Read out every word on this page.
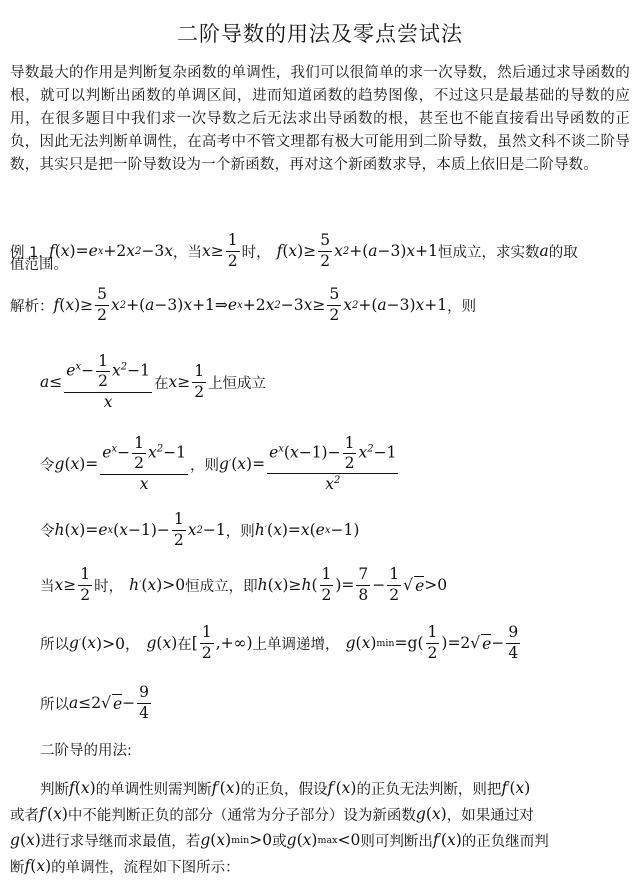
二阶导数的用法及零点尝试法
导数最大的作用是判断复杂函数的单调性，我们可以很简单的求一次导数，然后通过求导函数的根，就可以判断出函数的单调区间，进而知道函数的趋势图像，不过这只是最基础的导数的应用，在很多题目中我们求一次导数之后无法求出导函数的根，甚至也不能直接看出导函数的正负，因此无法判断单调性，在高考中不管文理都有极大可能用到二阶导数，虽然文科不谈二阶导数，其实只是把一阶导数设为一个新函数，再对这个新函数求导，本质上依旧是二阶导数。
例 1. f ( x )= e x +2 x 2 −3 x ，当 $x \ge \frac{1}{2}$ 时， f ( x )≥ $\frac{5}{2}$ x 2 +( a −3) x +1 恒成立，求实数 a 的取
值范围。
解析： f ( x )≥ $\frac{5}{2}$ x 2 +( a −3) x +1⇒ e x +2 x 2 −3 $x \ge \frac{5}{2}$ x 2 +( a −3) x +1 ，则
$a \le \frac{e^x- \frac{1}{2} x^2-1}{x}$ 在 $x \ge \frac{1}{2}$ 上恒成立
令 g ( x )= $\frac{e^x- \frac{1}{2} x^2-1}{x}$ ，则 g ′ ( x )= $\frac{e^x(x-1)- \frac{1}{2} x^2-1}{x^2}$
令 h ( x )= e x ( $x -1)- \frac{1}{2}$ x 2 −1 ，则 h ′ ( x )= x ( e x −1)
当 $x \ge \frac{1}{2}$ 时， h ′ ( x )>0 恒成立，即 h ( x )≥ h ( $\frac{1}{2}$ )= $\frac{7}{8} - \frac{1}{2}$ √ e >0
所以 g ′ ( x )>0， g ( x ) 在 [ $\frac{1}{2}$ ,+∞) 上单调递增， g ( x ) $\min =g( \frac{1}{2} )=2√$ $e - \frac{9}{4}$
所以 a ≤2√ $e - \frac{9}{4}$
二阶导的用法:
判断 f ( x ) 的单调性则需判断 f ′ ( x ) 的正负，假设 f ′ ( x ) 的正负无法判断，则把 f ′ ( x )
或者 f ′ ( x ) 中不能判断正负的部分（通常为分子部分）设为新函数 g ( x ) ，如果通过对
g ( x ) 进行求导继而求最值，若 g ( x ) min >0 或 g ( x ) max <0 则可判断出 f ′ ( x ) 的正负继而判
断 f ( x ) 的单调性，流程如下图所示：
